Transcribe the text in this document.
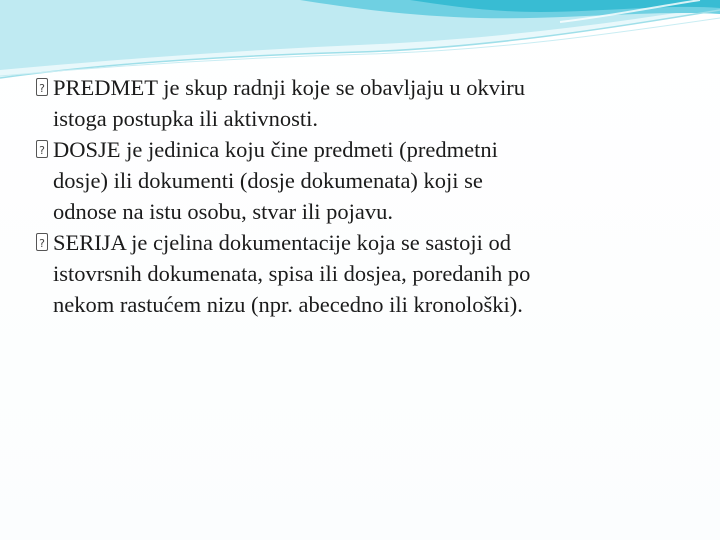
?
PREDMET je skup radnji koje se obavljaju u okviru
istoga postupka ili aktivnosti.
?
DOSJE je jedinica koju čine predmeti (predmetni
dosje) ili dokumenti (dosje dokumenata) koji se
odnose na istu osobu, stvar ili pojavu.
?
SERIJA je cjelina dokumentacije koja se sastoji od
istovrsnih dokumenata, spisa ili dosjea, poredanih po
nekom rastućem nizu (npr. abecedno ili kronološki).
